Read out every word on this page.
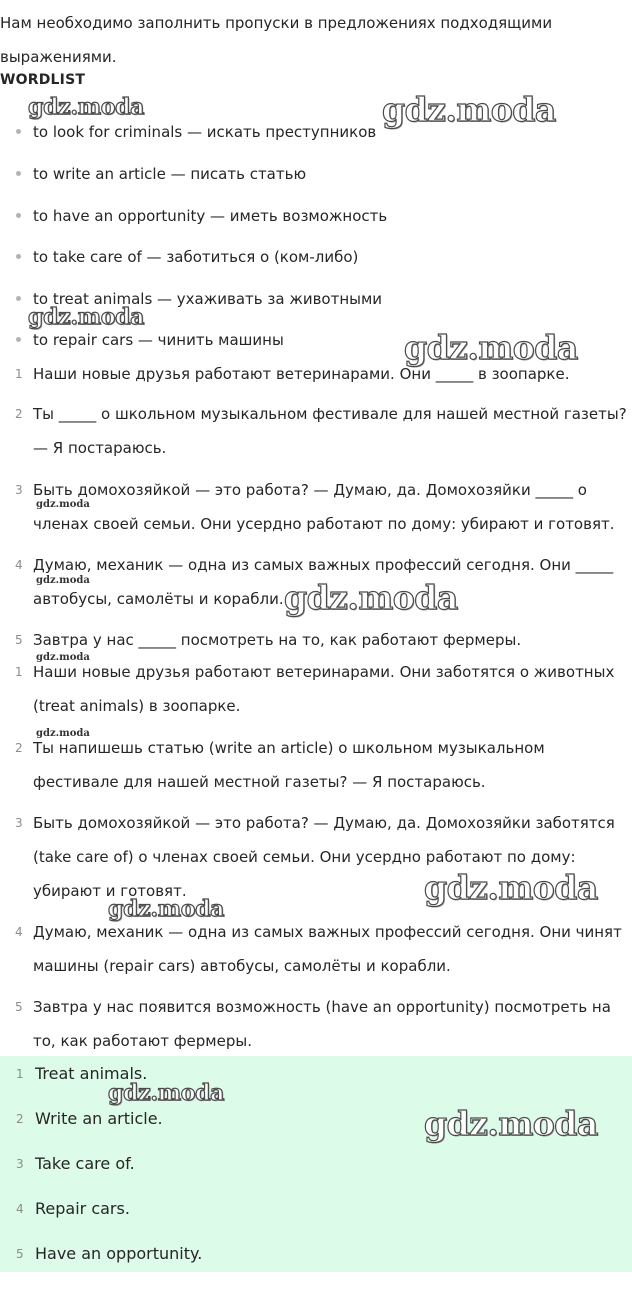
Нам необходимо заполнить пропуски в предложениях подходящими выражениями.

WORDLIST
to look for criminals — искать преступников
to write an article — писать статью
to have an opportunity — иметь возможность
to take care of — заботиться о (ком-либо)
to treat animals — ухаживать за животными
to repair cars — чинить машины
1 Наши новые друзья работают ветеринарами. Они _____ в зоопарке.

2 Ты _____ о школьном музыкальном фестивале для нашей местной газеты? — Я постараюсь.

3 Быть домохозяйкой — это работа? — Думаю, да. Домохозяйки _____ о членах своей семьи. Они усердно работают по дому: убирают и готовят.

4 Думаю, механик — одна из самых важных профессий сегодня. Они _____ автобусы, самолёты и корабли.

5 Завтра у нас _____ посмотреть на то, как работают фермеры.

1 Наши новые друзья работают ветеринарами. Они заботятся о животных (treat animals) в зоопарке.

2 Ты напишешь статью (write an article) о школьном музыкальном фестивале для нашей местной газеты? — Я постараюсь.

3 Быть домохозяйкой — это работа? — Думаю, да. Домохозяйки заботятся (take care of) о членах своей семьи. Они усердно работают по дому: убирают и готовят.

4 Думаю, механик — одна из самых важных профессий сегодня. Они чинят машины (repair cars) автобусы, самолёты и корабли.

5 Завтра у нас появится возможность (have an opportunity) посмотреть на то, как работают фермеры.

1 Treat animals.
2 Write an article.
3 Take care of.
4 Repair cars.
5 Have an opportunity.
gdz.moda	gdz.moda
gdz.moda
gdz.moda
gdz.moda
gdz.moda	gdz.moda
gdz.moda
gdz.moda
gdz.moda
gdz.moda
gdz.moda
gdz.moda
